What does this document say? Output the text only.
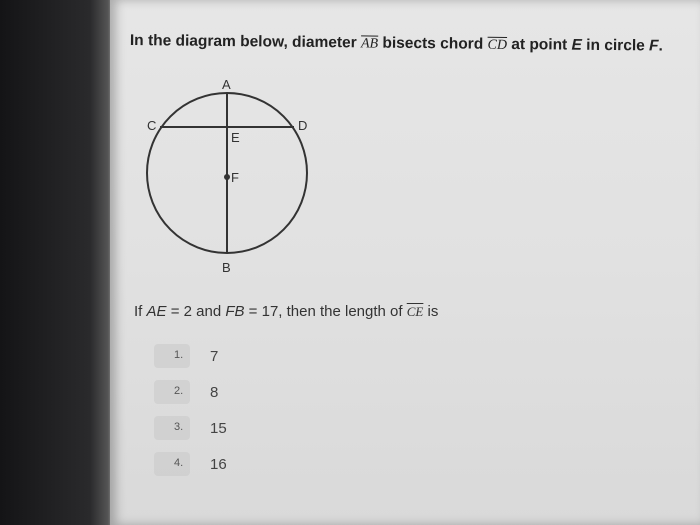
In the diagram below, diameter $\overline{AB}$ bisects chord $\overline{CD}$ at point E in circle F.
A
B
C	D
E
F
If AE = 2 and FB = 17, then the length of $\overline{CE}$ is
1. 7
2. 8
3. 15
4. 16
